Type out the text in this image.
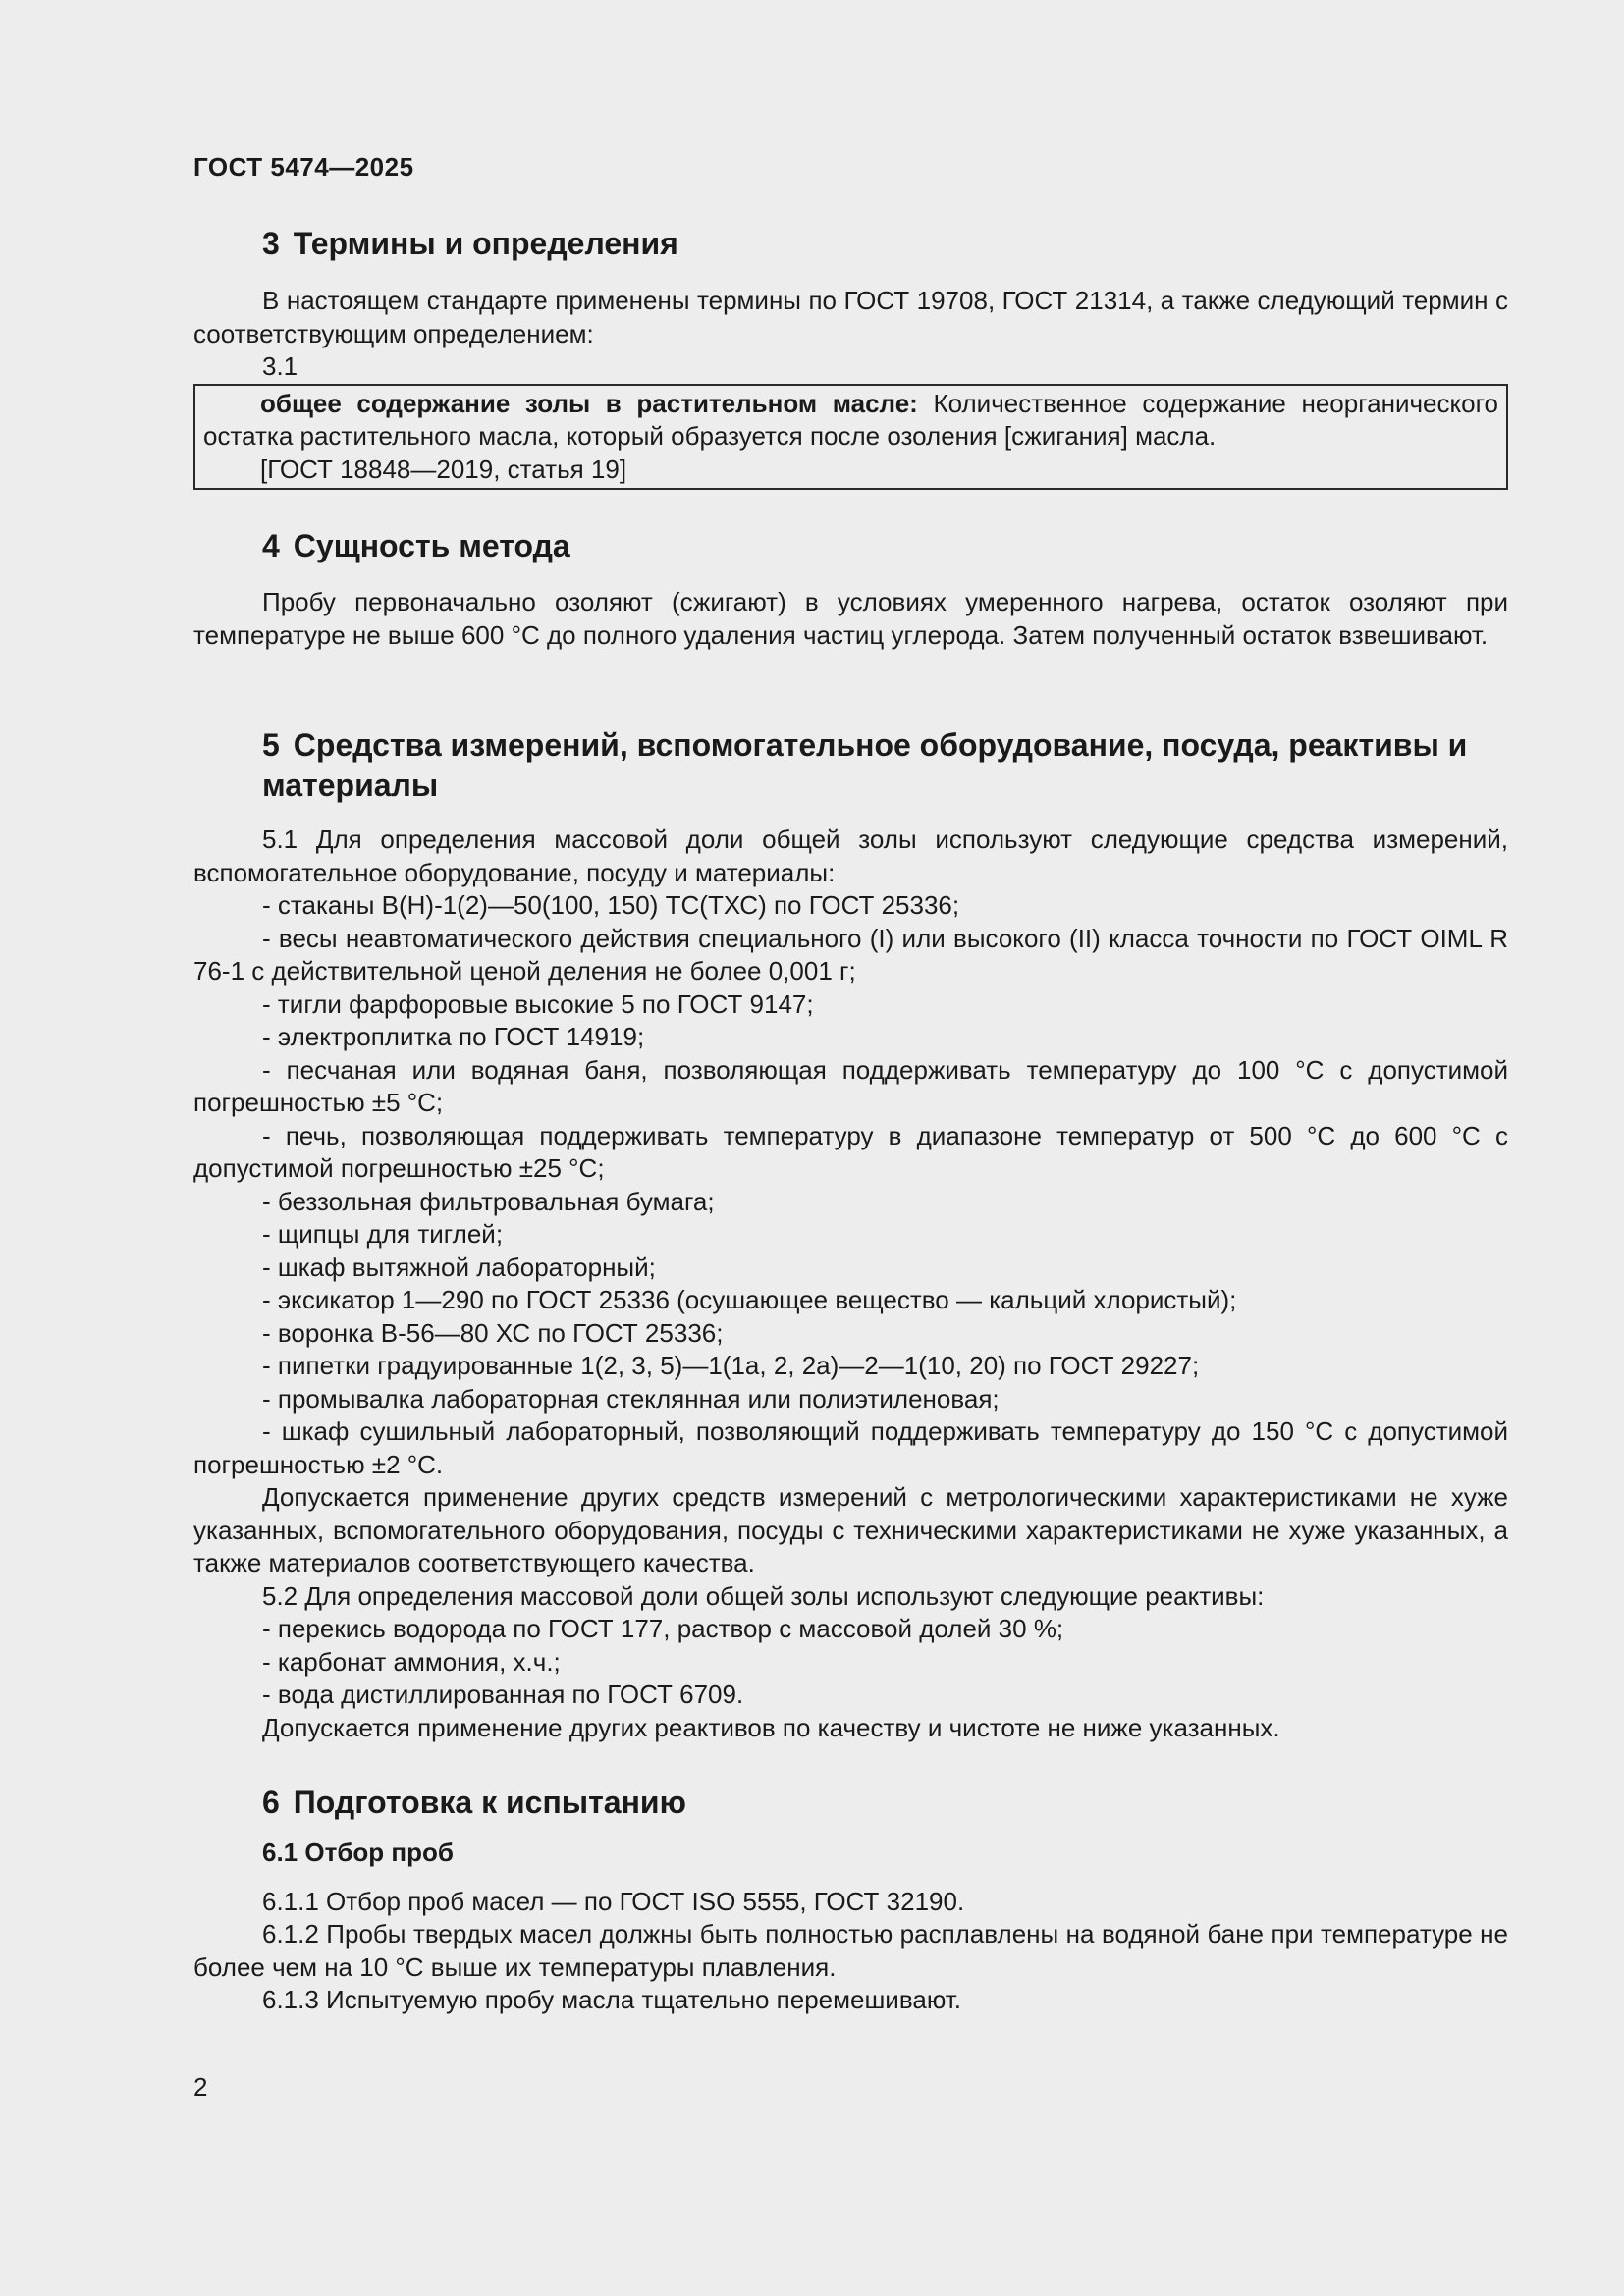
ГОСТ 5474—2025
3 Термины и определения

В настоящем стандарте применены термины по ГОСТ 19708, ГОСТ 21314, а также следующий термин с соответствующим определением:

3.1

общее содержание золы в растительном масле: Количественное содержание неорганического остатка растительного масла, который образуется после озоления [сжигания] масла.

[ГОСТ 18848—2019, статья 19]

4 Сущность метода

Пробу первоначально озоляют (сжигают) в условиях умеренного нагрева, остаток озоляют при температуре не выше 600 °С до полного удаления частиц углерода. Затем полученный остаток взвешивают.

5 Средства измерений, вспомогательное оборудование, посуда, реактивы и материалы

5.1 Для определения массовой доли общей золы используют следующие средства измерений, вспомогательное оборудование, посуду и материалы:

- стаканы В(Н)-1(2)—50(100, 150) ТС(ТХС) по ГОСТ 25336;

- весы неавтоматического действия специального (I) или высокого (II) класса точности по ГОСТ OIML R 76-1 с действительной ценой деления не более 0,001 г;

- тигли фарфоровые высокие 5 по ГОСТ 9147;

- электроплитка по ГОСТ 14919;

- песчаная или водяная баня, позволяющая поддерживать температуру до 100 °С с допустимой погрешностью ±5 °С;

- печь, позволяющая поддерживать температуру в диапазоне температур от 500 °С до 600 °С с допустимой погрешностью ±25 °С;

- беззольная фильтровальная бумага;

- щипцы для тиглей;

- шкаф вытяжной лабораторный;

- эксикатор 1—290 по ГОСТ 25336 (осушающее вещество — кальций хлористый);

- воронка В-56—80 ХС по ГОСТ 25336;

- пипетки градуированные 1(2, 3, 5)—1(1а, 2, 2а)—2—1(10, 20) по ГОСТ 29227;

- промывалка лабораторная стеклянная или полиэтиленовая;

- шкаф сушильный лабораторный, позволяющий поддерживать температуру до 150 °С с допустимой погрешностью ±2 °С.

Допускается применение других средств измерений с метрологическими характеристиками не хуже указанных, вспомогательного оборудования, посуды с техническими характеристиками не хуже указанных, а также материалов соответствующего качества.

5.2 Для определения массовой доли общей золы используют следующие реактивы:

- перекись водорода по ГОСТ 177, раствор с массовой долей 30 %;

- карбонат аммония, х.ч.;

- вода дистиллированная по ГОСТ 6709.

Допускается применение других реактивов по качеству и чистоте не ниже указанных.

6 Подготовка к испытанию
6.1 Отбор проб

6.1.1 Отбор проб масел — по ГОСТ ISO 5555, ГОСТ 32190.

6.1.2 Пробы твердых масел должны быть полностью расплавлены на водяной бане при температуре не более чем на 10 °С выше их температуры плавления.

6.1.3 Испытуемую пробу масла тщательно перемешивают.

2
